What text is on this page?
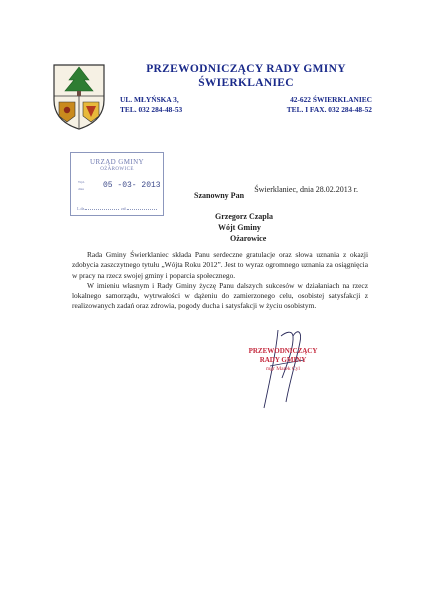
PRZEWODNICZĄCY RADY GMINY
ŚWIERKLANIEC
UL. MŁYŃSKA 3,	42-622 ŚWIERKLANIEC
TEL. 032 284-48-53	TEL. I FAX. 032 284-48-52
URZĄD GMINY
OŻAROWICE
Wpł.
dnia 05 -03- 2013
L.dz.	zał.
Świerklaniec, dnia 28.02.2013 r.
Szanowny Pan
Grzegorz Czapla
Wójt Gminy
Ożarowice

Rada Gminy Świerklaniec składa Panu serdeczne gratulacje oraz słowa uznania z okazji zdobycia zaszczytnego tytułu „Wójta Roku 2012”. Jest to wyraz ogromnego uznania za osiągnięcia w pracy na rzecz swojej gminy i poparcia społecznego.

W imieniu własnym i Rady Gminy życzę Panu dalszych sukcesów w działaniach na rzecz lokalnego samorządu, wytrwałości w dążeniu do zamierzonego celu, osobistej satysfakcji z realizowanych zadań oraz zdrowia, pogody ducha i satysfakcji w życiu osobistym.

PRZEWODNICZĄCY
RADY GMINY
mgr Marek Cyl
